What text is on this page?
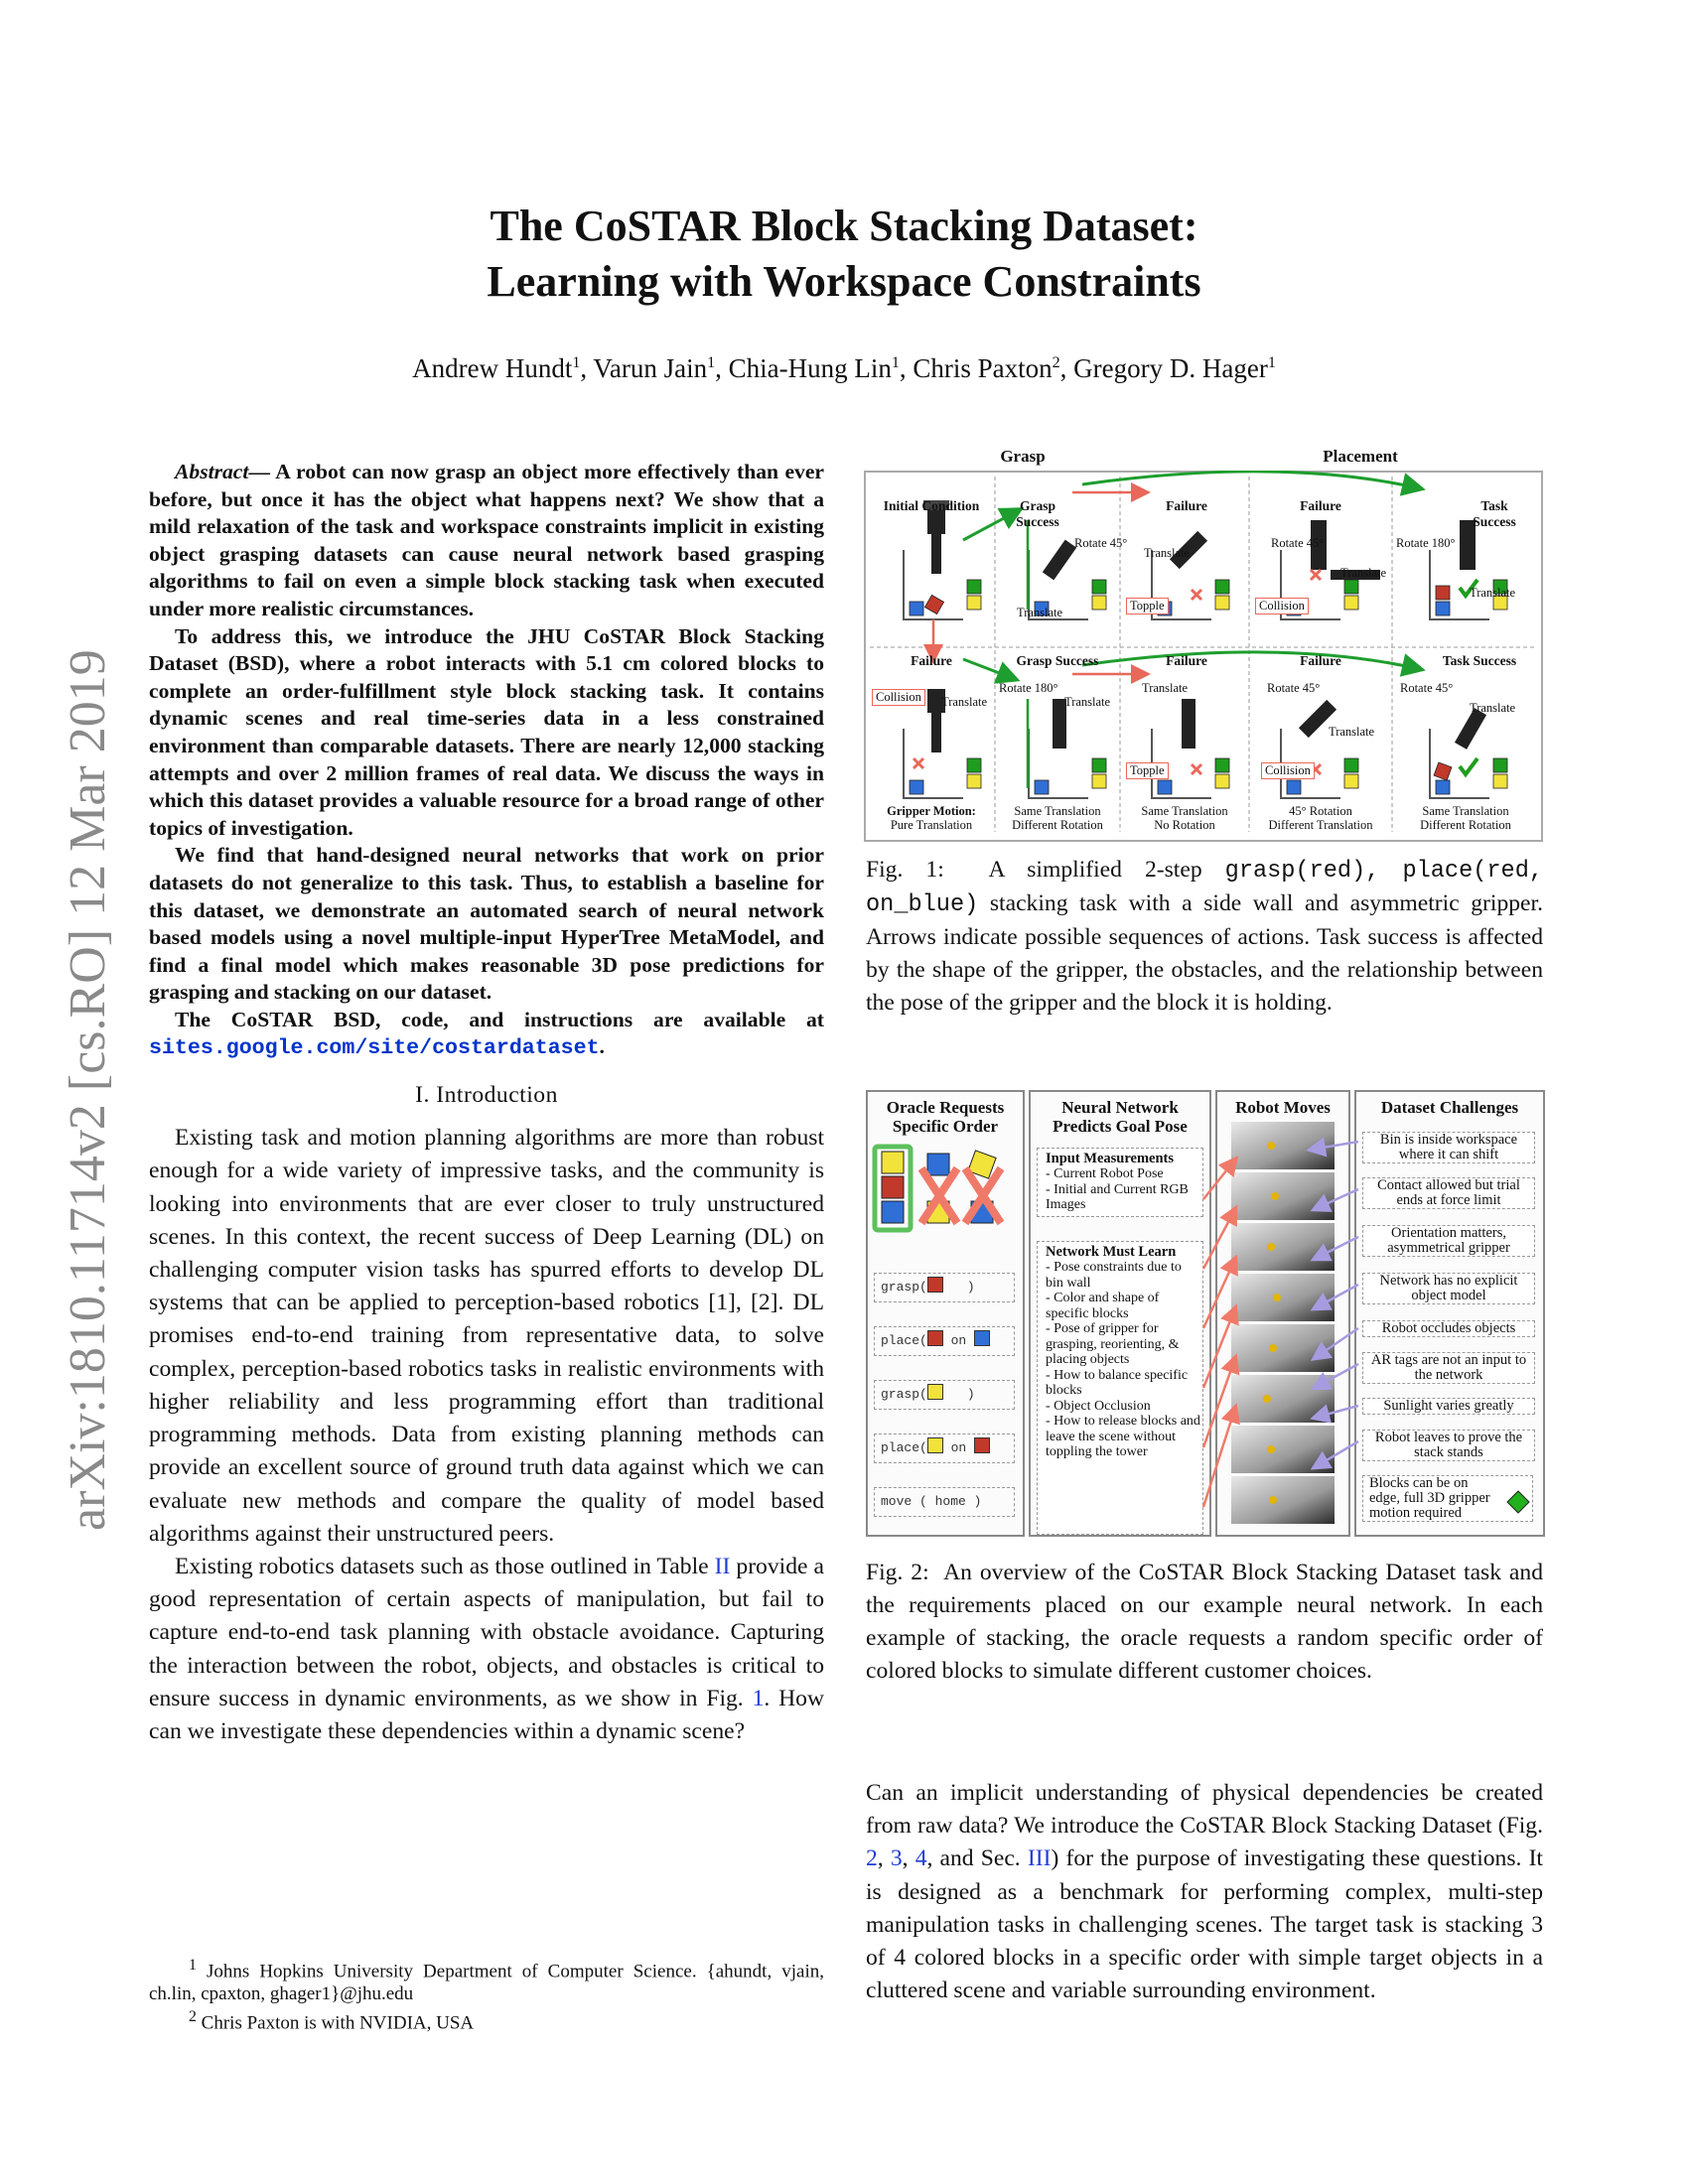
arXiv:1810.11714v2 [cs.RO] 12 Mar 2019
The CoSTAR Block Stacking Dataset:
Learning with Workspace Constraints
Andrew Hundt$^1$, Varun Jain$^1$, Chia-Hung Lin$^1$, Chris Paxton$^2$, Gregory D. Hager$^1$

Abstract— A robot can now grasp an object more effectively than ever before, but once it has the object what happens next? We show that a mild relaxation of the task and workspace constraints implicit in existing object grasping datasets can cause neural network based grasping algorithms to fail on even a simple block stacking task when executed under more realistic circumstances.

To address this, we introduce the JHU CoSTAR Block Stacking Dataset (BSD), where a robot interacts with 5.1 cm colored blocks to complete an order-fulfillment style block stacking task. It contains dynamic scenes and real time-series data in a less constrained environment than comparable datasets. There are nearly 12,000 stacking attempts and over 2 million frames of real data. We discuss the ways in which this dataset provides a valuable resource for a broad range of other topics of investigation.

We find that hand-designed neural networks that work on prior datasets do not generalize to this task. Thus, to establish a baseline for this dataset, we demonstrate an automated search of neural network based models using a novel multiple-input HyperTree MetaModel, and find a final model which makes reasonable 3D pose predictions for grasping and stacking on our dataset.

The CoSTAR BSD, code, and instructions are available at sites.google.com/site/costardataset.

I. Introduction

Existing task and motion planning algorithms are more than robust enough for a wide variety of impressive tasks, and the community is looking into environments that are ever closer to truly unstructured scenes. In this context, the recent success of Deep Learning (DL) on challenging computer vision tasks has spurred efforts to develop DL systems that can be applied to perception-based robotics [1], [2]. DL promises end-to-end training from representative data, to solve complex, perception-based robotics tasks in realistic environments with higher reliability and less programming effort than traditional programming methods. Data from existing planning methods can provide an excellent source of ground truth data against which we can evaluate new methods and compare the quality of model based algorithms against their unstructured peers.

Existing robotics datasets such as those outlined in Table II provide a good representation of certain aspects of manipulation, but fail to capture end-to-end task planning with obstacle avoidance. Capturing the interaction between the robot, objects, and obstacles is critical to ensure success in dynamic environments, as we show in Fig. 1. How can we investigate these dependencies within a dynamic scene?

$^1$ Johns Hopkins University Department of Computer Science. {ahundt, vjain, ch.lin, cpaxton, ghager1}@jhu.edu
$^2$ Chris Paxton is with NVIDIA, USA
Grasp	Placement
Initial Condition	Grasp Success
Failure	Failure	Task Success
Failure	Grasp Success	Failure	Failure	Task Success
Rotate 45°
Translate
Rotate 45°
Translate
Rotate 180°
Translate
Translate	Topple	Collision
Collision	Translate
Rotate 180°
Translate
Translate	Rotate 45°
Translate
Rotate 45°
Translate
Topple	Collision
Gripper Motion:
Pure Translation
Same Translation
Different Rotation
Same Translation
No Rotation
45° Rotation
Different Translation
Same Translation
Different Rotation
Fig. 1: A simplified 2-step grasp(red), place(red, on_blue) stacking task with a side wall and asymmetric gripper. Arrows indicate possible sequences of actions. Task success is affected by the shape of the gripper, the obstacles, and the relationship between the pose of the gripper and the block it is holding.
Oracle Requests Specific Order
grasp(	)
place( on
grasp(	)
place( on
move ( home )
Neural Network Predicts Goal Pose
Input Measurements
- Current Robot Pose
- Initial and Current RGB Images
Network Must Learn
- Pose constraints due to bin wall
- Color and shape of specific blocks
- Pose of gripper for grasping, reorienting, & placing objects
- How to balance specific blocks
- Object Occlusion
- How to release blocks and leave the scene without toppling the tower
Robot Moves	Dataset Challenges
Bin is inside workspace where it can shift
Contact allowed but trial ends at force limit
Orientation matters, asymmetrical gripper
Network has no explicit object model
Robot occludes objects
AR tags are not an input to the network
Sunlight varies greatly
Robot leaves to prove the stack stands
Blocks can be on edge, full 3D gripper motion required
Fig. 2: An overview of the CoSTAR Block Stacking Dataset task and the requirements placed on our example neural network. In each example of stacking, the oracle requests a random specific order of colored blocks to simulate different customer choices.

Can an implicit understanding of physical dependencies be created from raw data? We introduce the CoSTAR Block Stacking Dataset (Fig. 2, 3, 4, and Sec. III) for the purpose of investigating these questions. It is designed as a benchmark for performing complex, multi-step manipulation tasks in challenging scenes. The target task is stacking 3 of 4 colored blocks in a specific order with simple target objects in a cluttered scene and variable surrounding environment.
